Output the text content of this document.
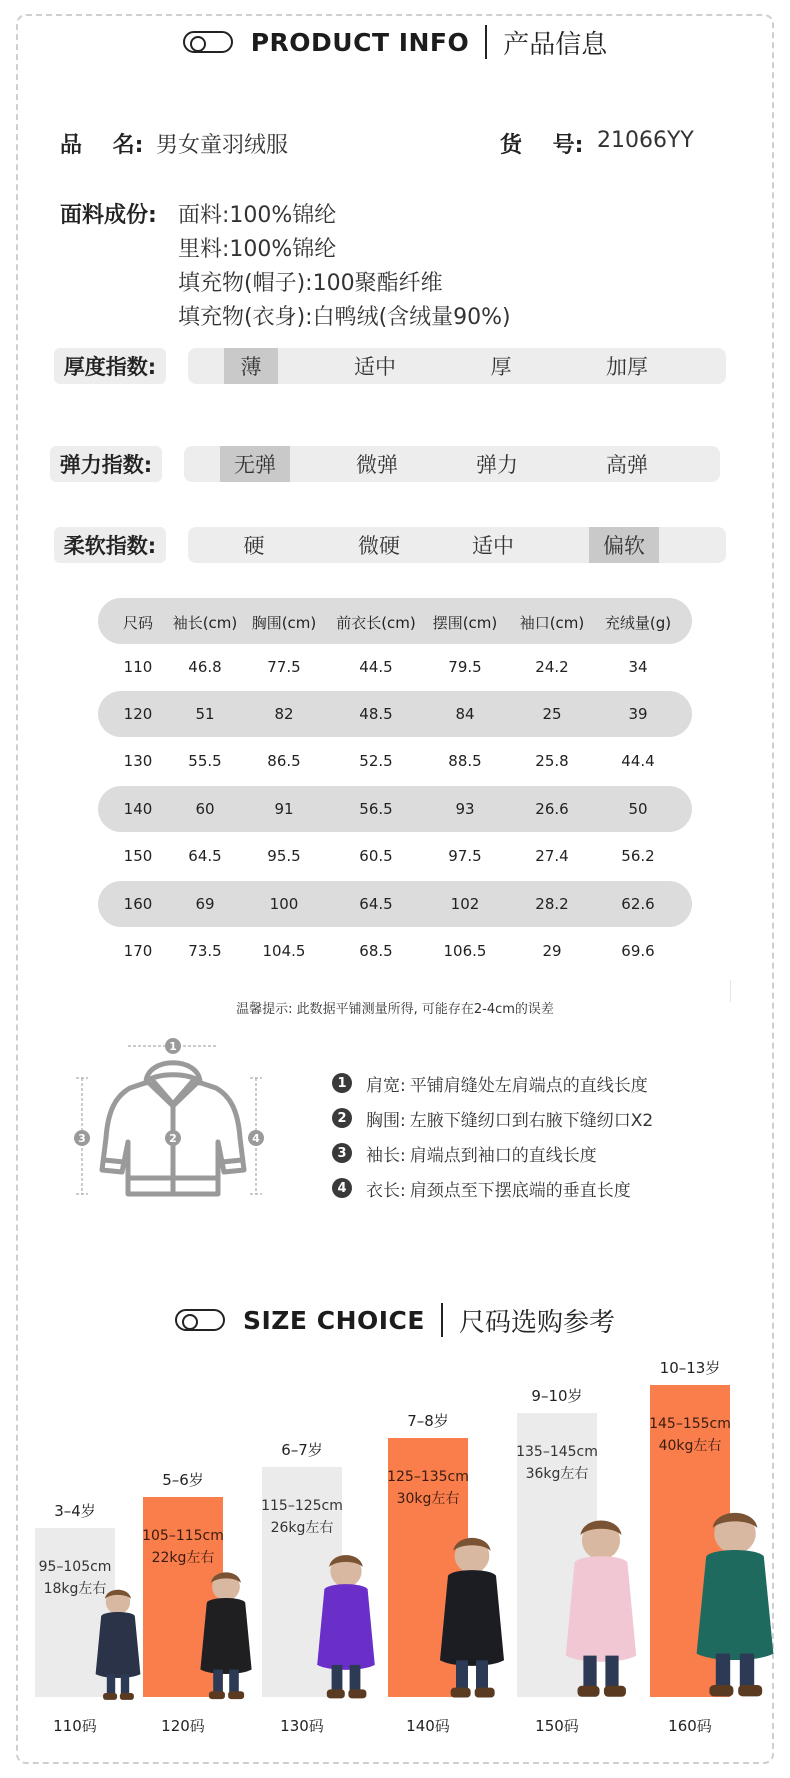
PRODUCT INFO 产品信息
品    名: 男女童羽绒服	货    号: 21066YY
面料成份: 面料:100%锦纶
里料:100%锦纶
填充物(帽子):100聚酯纤维
填充物(衣身):白鸭绒(含绒量90%)
厚度指数:	薄	适中	厚	加厚
弹力指数:	无弹	微弹	弹力	高弹
柔软指数:	硬	微硬	适中	偏软
尺码	袖长(cm) 胸围(cm)	前衣长(cm)	摆围(cm)	袖口(cm)	充绒量(g)
110	46.8	77.5	44.5	79.5	24.2	34
120	51	82	48.5	84	25	39
130	55.5	86.5	52.5	88.5	25.8	44.4
140	60	91	56.5	93	26.6	50
150	64.5	95.5	60.5	97.5	27.4	56.2
160	69	100	64.5	102	28.2	62.6
170	73.5	104.5	68.5	106.5	29	69.6
温馨提示: 此数据平铺测量所得, 可能存在2-4cm的误差
1
2
3	4
1	肩宽: 平铺肩缝处左肩端点的直线长度
2	胸围: 左腋下缝纫口到右腋下缝纫口X2
3	袖长: 肩端点到袖口的直线长度
4	衣长: 肩颈点至下摆底端的垂直长度
SIZE CHOICE 尺码选购参考
3–4岁
95–105cm
18kg左右
110码
5–6岁
105–115cm
22kg左右
120码
6–7岁
115–125cm
26kg左右
130码
7–8岁
125–135cm
30kg左右
140码
9–10岁
135–145cm
36kg左右
150码
10–13岁
145–155cm
40kg左右
160码
